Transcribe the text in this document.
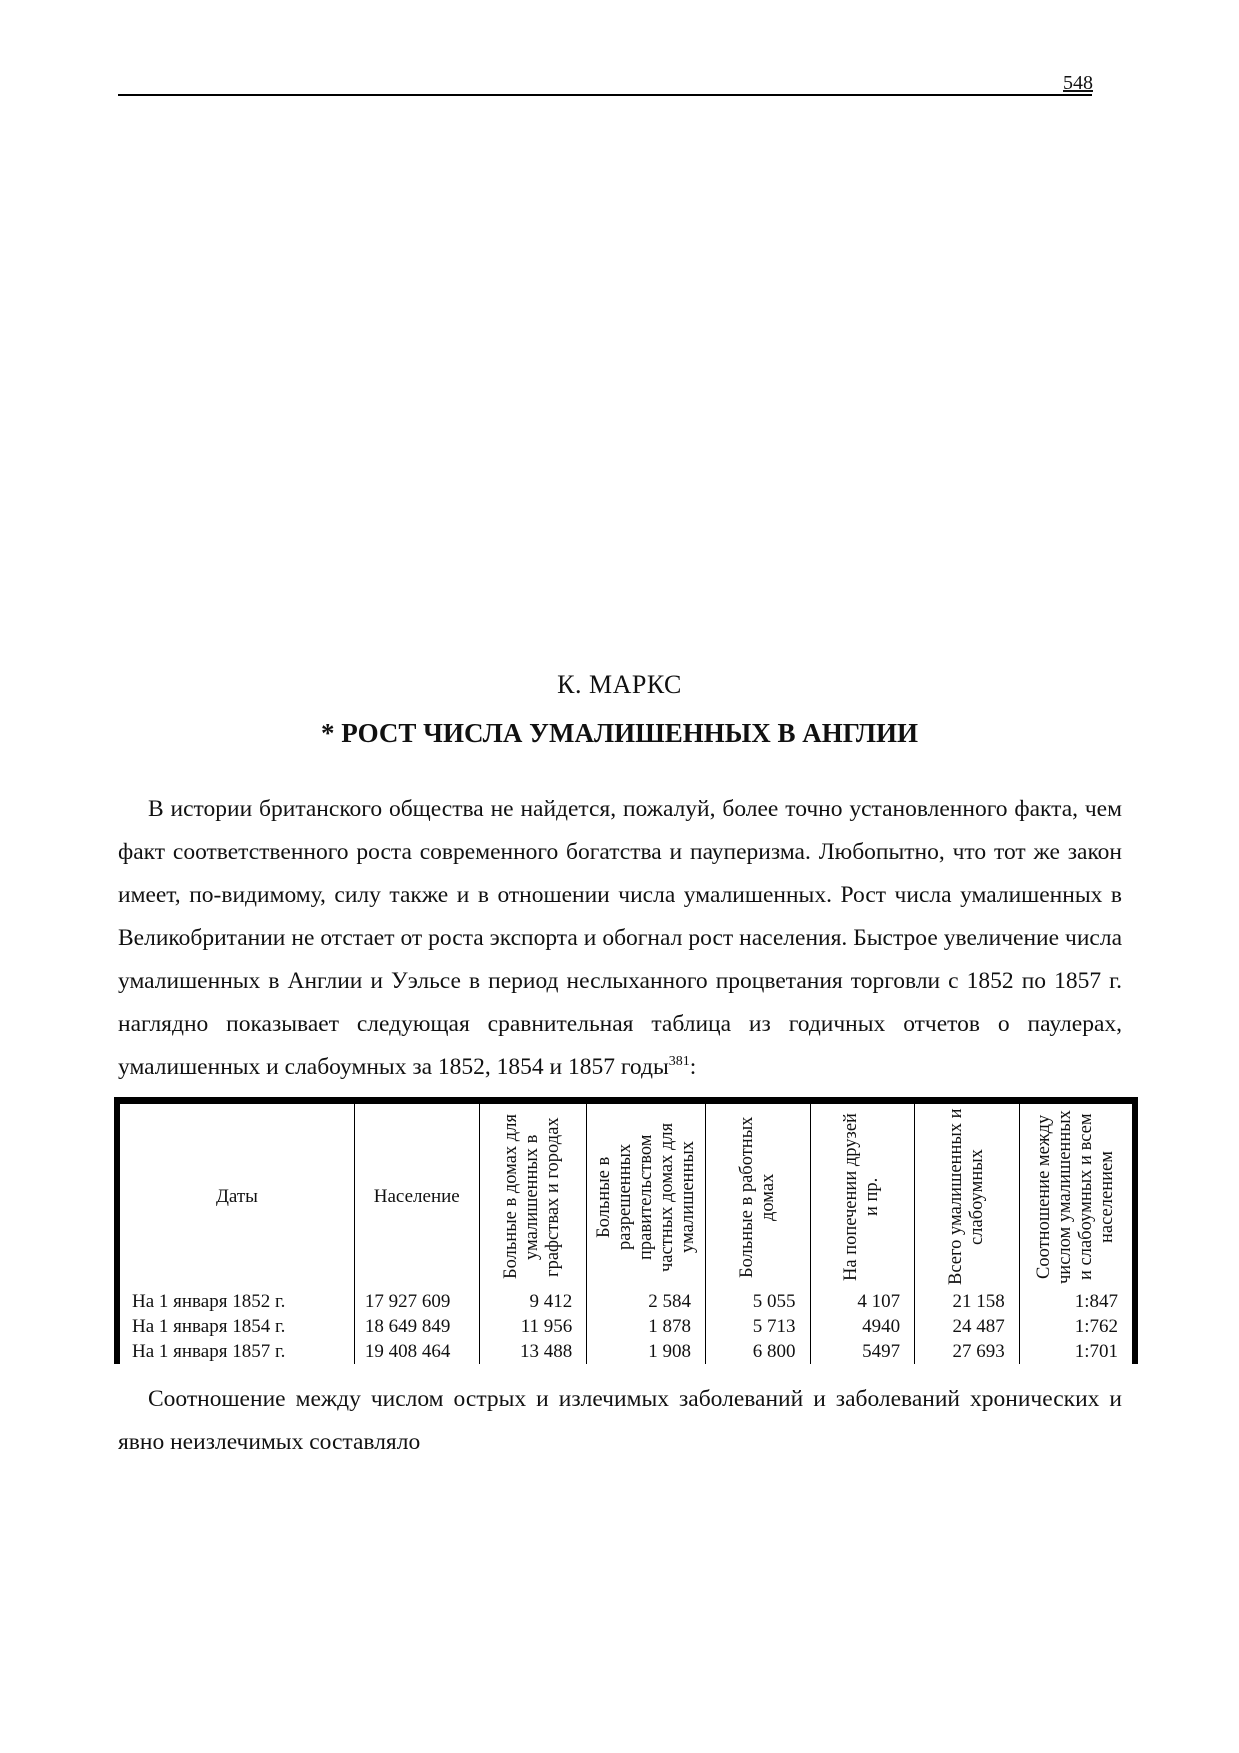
548
К. МАРКС
* РОСТ ЧИСЛА УМАЛИШЕННЫХ В АНГЛИИ

В истории британского общества не найдется, пожалуй, более точно установленного факта, чем факт соответственного роста современного богатства и пауперизма. Любопытно, что тот же закон имеет, по-видимому, силу также и в отношении числа умалишенных. Рост числа умалишенных в Великобритании не отстает от роста экспорта и обогнал рост населения. Быстрое увеличение числа умалишенных в Англии и Уэльсе в период неслыханного процветания торговли с 1852 по 1857 г. наглядно показывает следующая сравнительная таблица из годичных отчетов о паулерах, умалишенных и слабоумных за 1852, 1854 и 1857 годы$^{381}$:

Даты	Население	Больные в домах для умалишенных в графствах и городах	Больные в разрешенных правительством частных домах для умалишенных	Больные в работных домах	На попечении друзей и пр.	Всего умалишенных и слабоумных	Соотношение между числом умалишенных и слабоумных и всем населением

На 1 января 1852 г.	17 927 609	9 412	2 584	5 055	4 107	21 158	1:847
На 1 января 1854 г.	18 649 849	11 956	1 878	5 713	4940	24 487	1:762
На 1 января 1857 г.	19 408 464	13 488	1 908	6 800	5497	27 693	1:701

Соотношение между числом острых и излечимых заболеваний и заболеваний хронических и явно неизлечимых составляло
